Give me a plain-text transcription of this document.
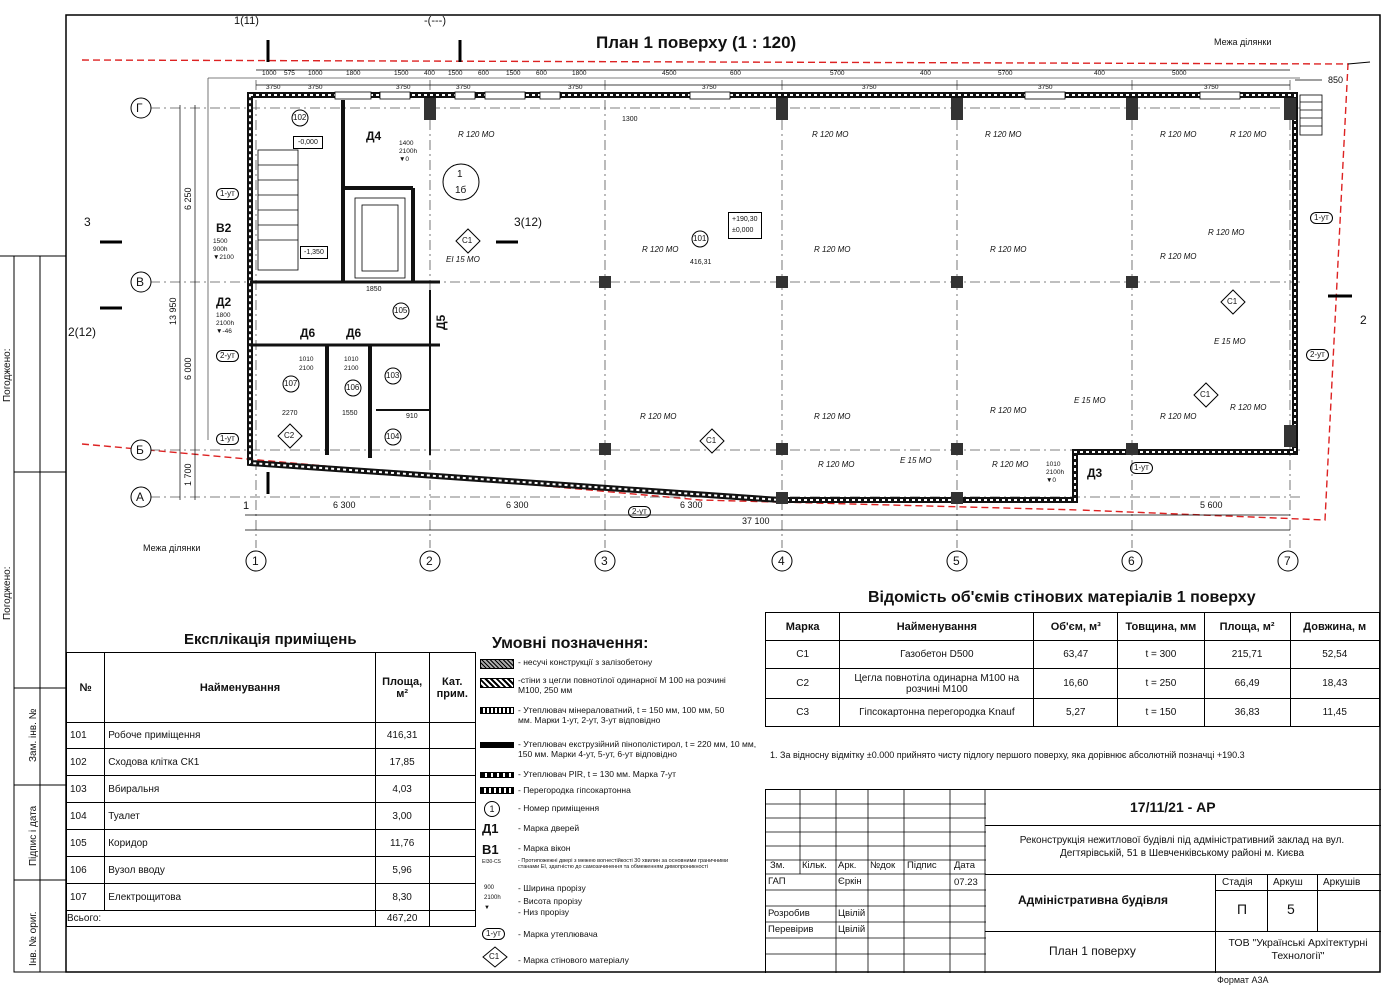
План 1 поверху (1 : 120)	Межа ділянки
Межа ділянки
Г
В
Б
А
1	2	3	4	5	6	7
6 250
13 950
6 000
1 700
6 300	6 300	6 300	5 600
37 100
850
1000	575	1000	1800	1500	400	1500	600	1500	600	1800	4500	600	5700	400	5700	400	5000
3750	3750	3750	3750	3750	3750	3750	3750	3750
1(11)	-(---)
3	3(12)
2(12)
2
1
R 120 МО	R 120 МО	R 120 МО	R 120 МО	R 120 МО
R 120 МО	R 120 МО	R 120 МО
R 120 МО
R 120 МО
R 120 МО	R 120 МО
R 120 МО
R 120 МО
R 120 МО
R 120 МО	R 120 МО
EI 15 МО
Е 15 МО
Е 15 МО
Е 15 МО
1-ут
2-ут
1-ут
1-ут
2-ут
2-ут
1-ут
С1
С1
С1
С2
С1
102
-0,000
101
416,31
105
107	106
103
104
+190,30
±0,000
-1,350
1
1б
Д4
В2
Д2
Д6	Д6
Д5
Д3
1400
2100h
▼0
1500
900h
▼2100
1800
2100h
▼-46
1010
2100
1010
2100
1010
2100h
▼0
2270	1550
1850
910
1300
Експлікація приміщень
№	Найменування	Площа, м²	Кат. прим.
101	Робоче приміщення	416,31	
102	Сходова клітка СК1	17,85	
103	Вбиральня	4,03	
104	Туалет	3,00	
105	Коридор	11,76	
106	Вузол вводу	5,96	
107	Електрощитова	8,30	
Всього:		467,20	
Умовні позначення:
- несучі конструкції з залізобетону
-стіни з цегли повнотілої одинарної М 100 на розчині М100, 250 мм
- Утеплювач мінераловатний, t = 150 мм, 100 мм, 50 мм. Марки 1-ут, 2-ут, 3-ут відповідно
- Утеплювач екструзійний пінополістирол, t = 220 мм, 10 мм, 150 мм. Марки 4-ут, 5-ут, 6-ут відповідно
- Утеплювач PIR, t = 130 мм. Марка 7-ут
- Перегородка гіпсокартонна
1	- Номер приміщення
Д1 - Марка дверей
В1 - Марка вікон
EI30-CS	- Протипожежні двері з межею вогнестійкості 30 хвилин за основними граничними станами EI, здатністю до самозачинення та обмеженням димопроникності
900	- Ширина прорізу
2100h - Висота прорізу
▼	- Низ прорізу
1-ут	- Марка утеплювача
С1 - Марка стінового матеріалу
Відомість об'ємів стінових матеріалів 1 поверху
Марка	Найменування	Об'єм, м³	Товщина, мм	Площа, м²	Довжина, м
С1	Газобетон D500	63,47	t = 300	215,71	52,54
С2	Цегла повнотіла одинарна М100 на розчині М100	16,60	t = 250	66,49	18,43
С3	Гіпсокартонна перегородка Knauf	5,27	t = 150	36,83	11,45
1. За відносну відмітку ±0.000 прийнято чисту підлогу першого поверху, яка дорівнює абсолютній позначці +190.3
Зм. Кільк. Арк. №док Підпис Дата
ГАП	Єркін	07.23
Розробив	Цвілій
Перевірив	Цвілій
17/11/21 - АР
Реконструкція нежитлової будівлі під адміністративний заклад на вул. Дегтярівській, 51 в Шевченківському районі м. Києва
Адміністративна будівля
Стадія Аркуш Аркушів
П	5
План 1 поверху
ТОВ "Українські Архітектурні Технології"
Формат А3А
Погоджено:
Погоджено:
Зам. інв. №
Підпис і дата
Інв. № ориг.
